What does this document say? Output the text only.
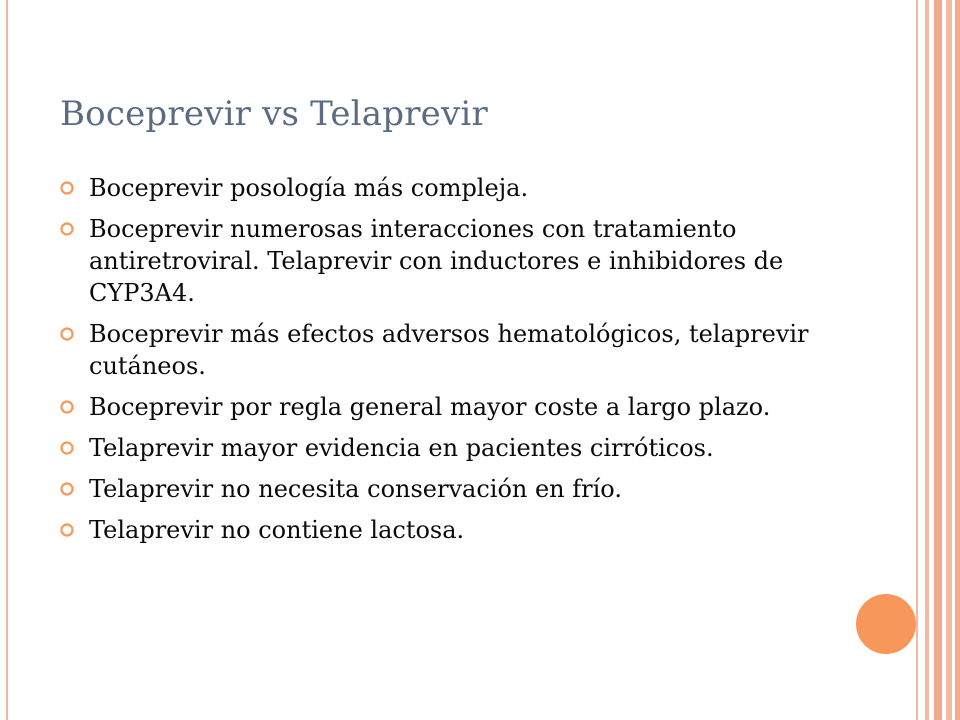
Boceprevir vs Telaprevir
Boceprevir posología más compleja.
Boceprevir numerosas interacciones con tratamiento antiretroviral. Telaprevir con inductores e inhibidores de CYP3A4.
Boceprevir más efectos adversos hematológicos, telaprevir cutáneos.
Boceprevir por regla general mayor coste a largo plazo.
Telaprevir mayor evidencia en pacientes cirróticos.
Telaprevir no necesita conservación en frío.
Telaprevir no contiene lactosa.
